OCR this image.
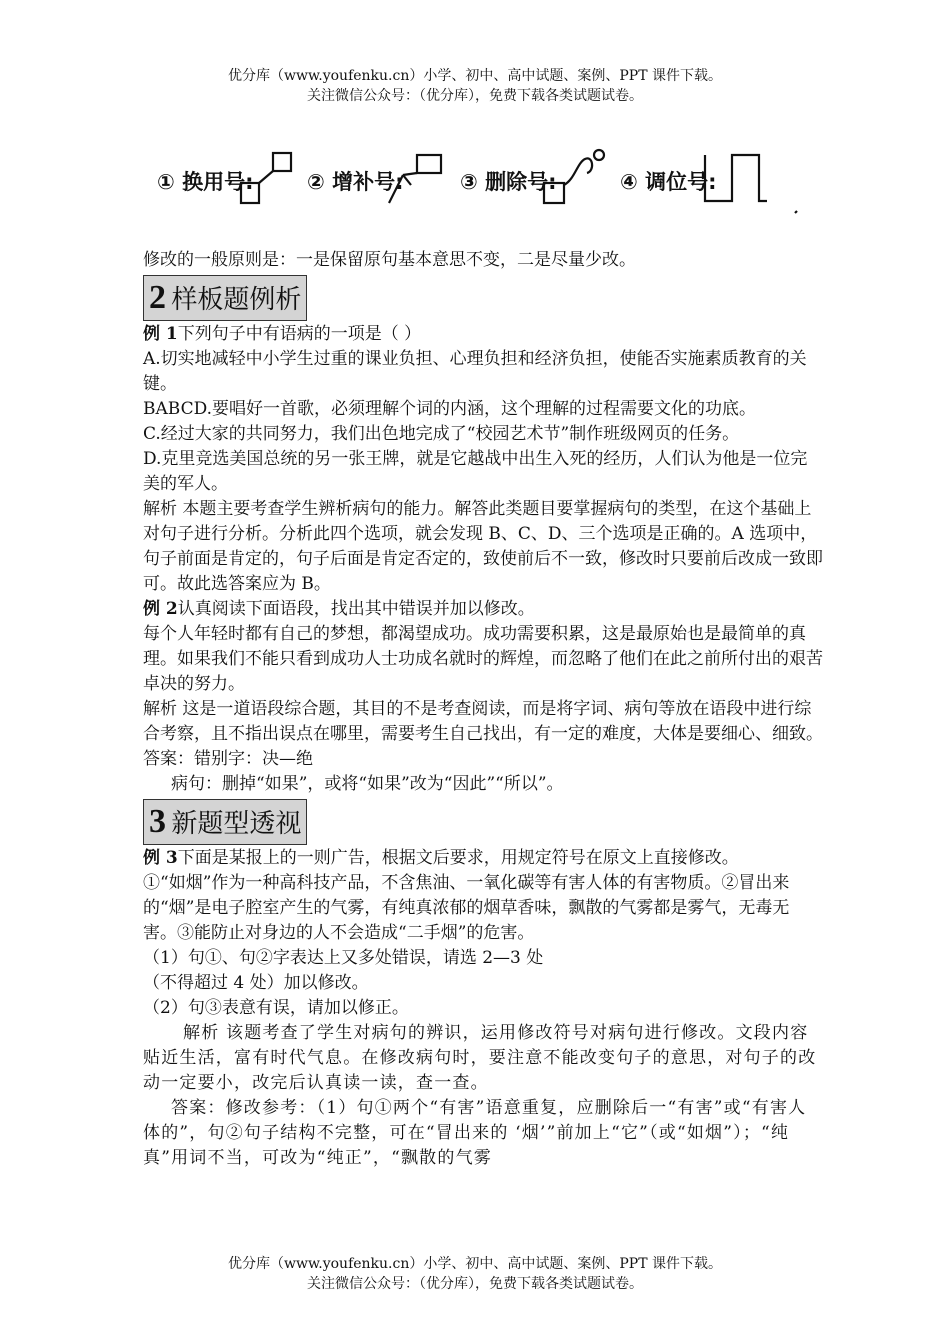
优分库（www.youfenku.cn）小学、初中、高中试题、案例、PPT 课件下载。
关注微信公众号：（优分库），免费下载各类试题试卷。
① 换用号:	② 增补号:	③ 删除号:	④ 调位号:

修改的一般原则是：一是保留原句基本意思不变，二是尽量少改。

2 样板题例析

例 1下列句子中有语病的一项是（ ）

A.切实地减轻中小学生过重的课业负担、心理负担和经济负担，使能否实施素质教育的关键。

BABCD.要唱好一首歌，必须理解个词的内涵，这个理解的过程需要文化的功底。

C.经过大家的共同努力，我们出色地完成了“校园艺术节”制作班级网页的任务。

D.克里竞选美国总统的另一张王牌，就是它越战中出生入死的经历，人们认为他是一位完美的军人。

解析 本题主要考查学生辨析病句的能力。解答此类题目要掌握病句的类型，在这个基础上对句子进行分析。分析此四个选项，就会发现 B、C、D、三个选项是正确的。A 选项中，句子前面是肯定的，句子后面是肯定否定的，致使前后不一致，修改时只要前后改成一致即可。故此选答案应为 B。

例 2认真阅读下面语段，找出其中错误并加以修改。

每个人年轻时都有自己的梦想，都渴望成功。成功需要积累，这是最原始也是最简单的真理。如果我们不能只看到成功人士功成名就时的辉煌，而忽略了他们在此之前所付出的艰苦卓决的努力。

解析 这是一道语段综合题，其目的不是考查阅读，而是将字词、病句等放在语段中进行综合考察，且不指出误点在哪里，需要考生自己找出，有一定的难度，大体是要细心、细致。

答案：错别字：决—绝

病句：删掉“如果”，或将“如果”改为“因此”“所以”。

3 新题型透视

例 3下面是某报上的一则广告，根据文后要求，用规定符号在原文上直接修改。

①“如烟”作为一种高科技产品，不含焦油、一氧化碳等有害人体的有害物质。②冒出来的“烟”是电子腔室产生的气雾，有纯真浓郁的烟草香味，飘散的气雾都是雾气，无毒无害。③能防止对身边的人不会造成“二手烟”的危害。

（1）句①、句②字表达上又多处错误，请选 2—3 处

（不得超过 4 处）加以修改。

（2）句③表意有误，请加以修正。

解析 该题考查了学生对病句的辨识，运用修改符号对病句进行修改。文段内容贴近生活，富有时代气息。在修改病句时，要注意不能改变句子的意思，对句子的改动一定要小，改完后认真读一读，查一查。

答案：修改参考：（1）句①两个“有害”语意重复，应删除后一“有害”或“有害人体的”，句②句子结构不完整，可在“冒出来的 ‘烟’”前加上“它”（或“如烟”）；“纯真”用词不当，可改为“纯正”，“飘散的气雾

优分库（www.youfenku.cn）小学、初中、高中试题、案例、PPT 课件下载。
关注微信公众号：（优分库），免费下载各类试题试卷。
